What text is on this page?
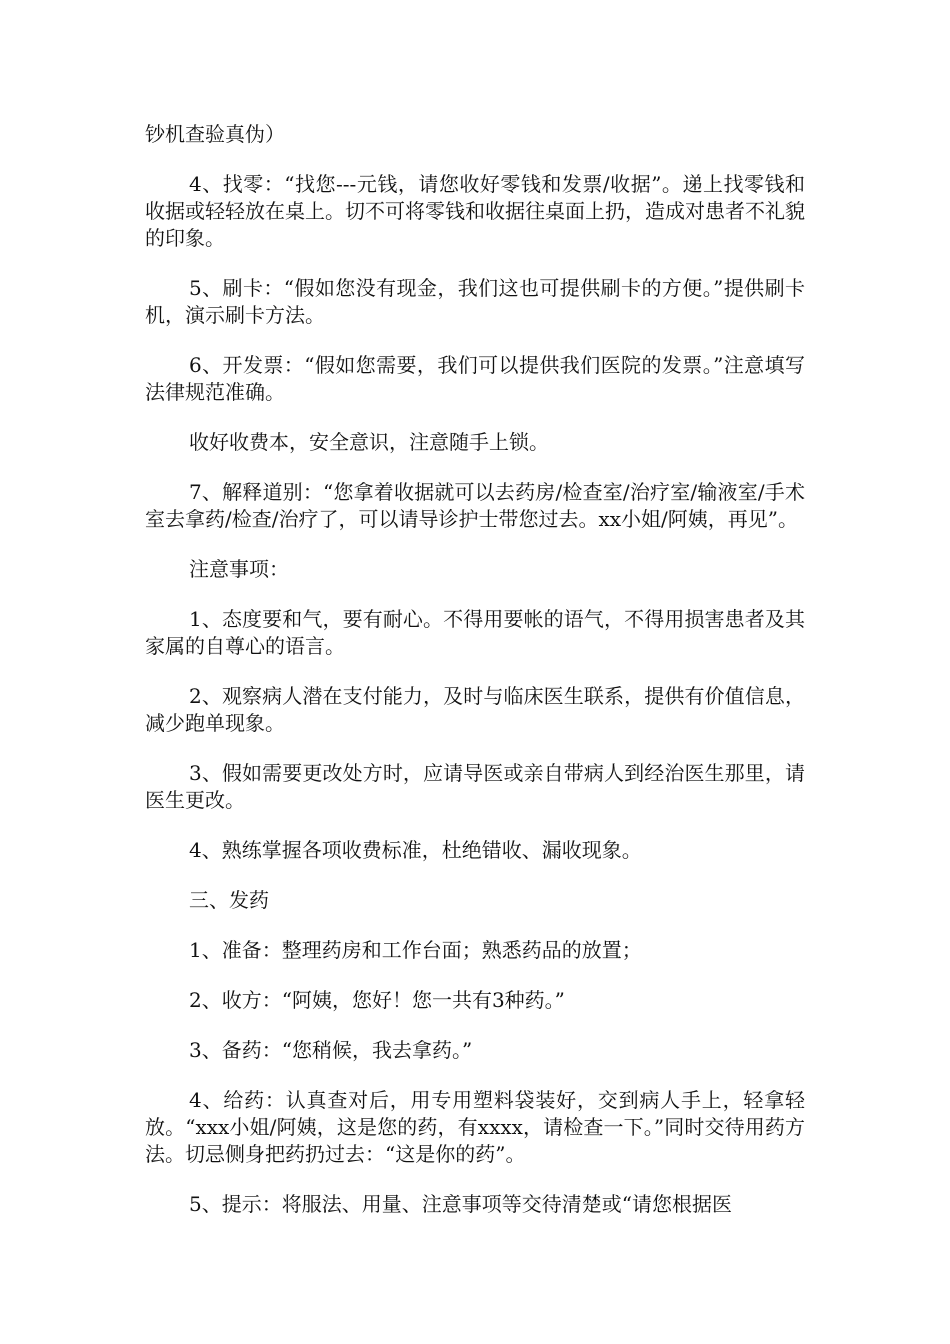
钞机查验真伪）

4、找零：“找您---元钱，请您收好零钱和发票/收据”。递上找零钱和收据或轻轻放在桌上。切不可将零钱和收据往桌面上扔，造成对患者不礼貌的印象。

5、刷卡：“假如您没有现金，我们这也可提供刷卡的方便。”提供刷卡机，演示刷卡方法。

6、开发票：“假如您需要，我们可以提供我们医院的发票。”注意填写法律规范准确。

收好收费本，安全意识，注意随手上锁。

7、解释道别：“您拿着收据就可以去药房/检查室/治疗室/输液室/手术室去拿药/检查/治疗了，可以请导诊护士带您过去。xx小姐/阿姨，再见”。

注意事项：

1、态度要和气，要有耐心。不得用要帐的语气，不得用损害患者及其家属的自尊心的语言。

2、观察病人潜在支付能力，及时与临床医生联系，提供有价值信息，减少跑单现象。

3、假如需要更改处方时，应请导医或亲自带病人到经治医生那里，请医生更改。

4、熟练掌握各项收费标准，杜绝错收、漏收现象。

三、发药

1、准备：整理药房和工作台面；熟悉药品的放置；

2、收方：“阿姨，您好！您一共有3种药。”

3、备药：“您稍候，我去拿药。”

4、给药：认真查对后，用专用塑料袋装好，交到病人手上，轻拿轻放。“xxx小姐/阿姨，这是您的药，有xxxx，请检查一下。”同时交待用药方法。切忌侧身把药扔过去：“这是你的药”。

5、提示：将服法、用量、注意事项等交待清楚或“请您根据医
